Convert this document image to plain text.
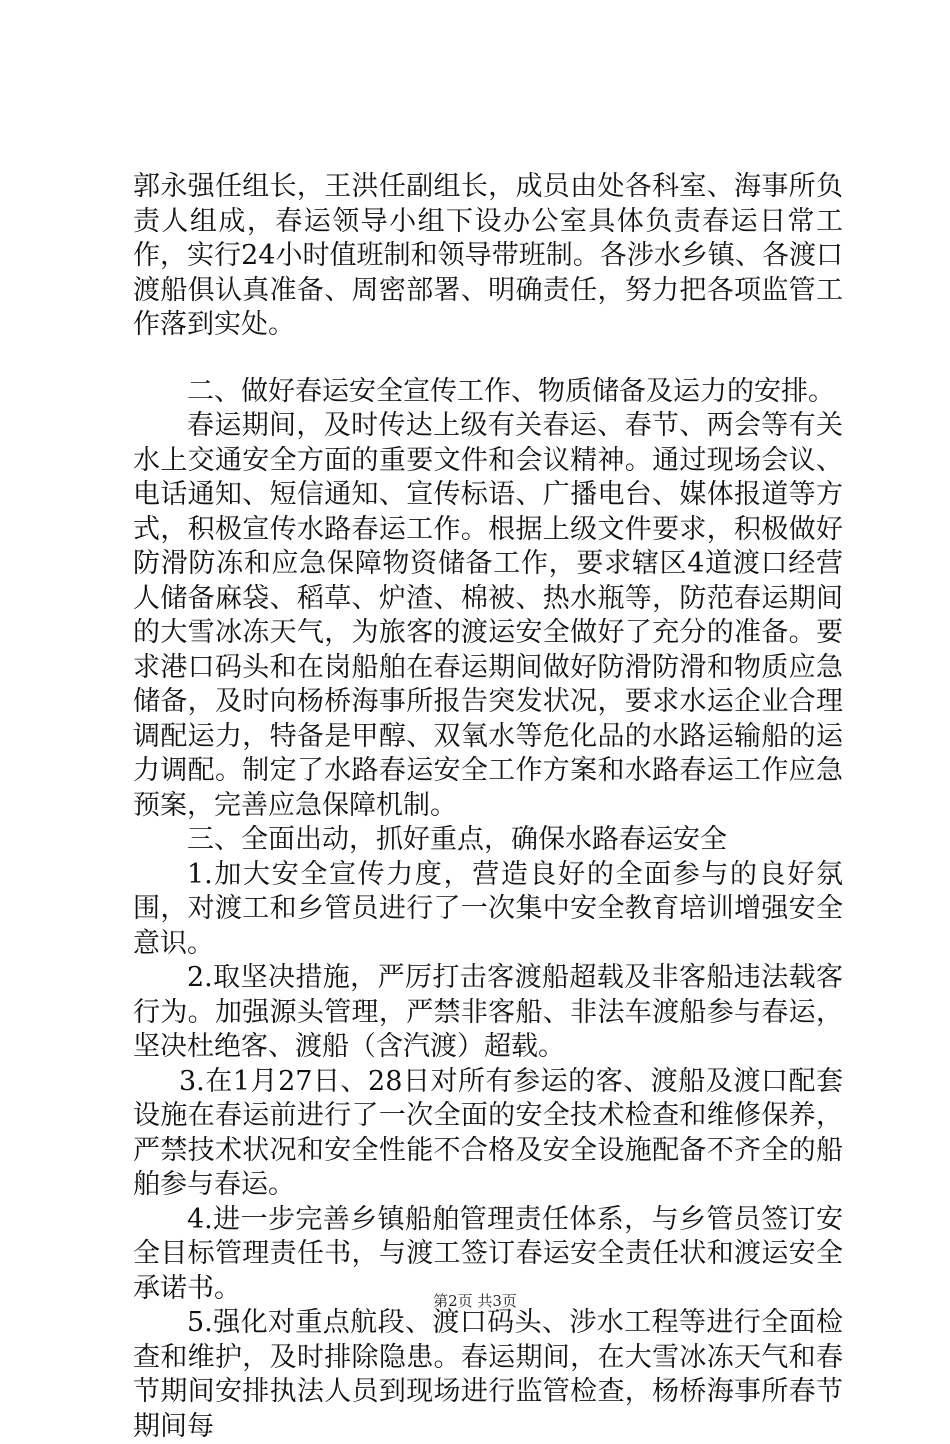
郭永强任组长，王洪任副组长，成员由处各科室、海事所负责人组成，春运领导小组下设办公室具体负责春运日常工作，实行24小时值班制和领导带班制。各涉水乡镇、各渡口渡船俱认真准备、周密部署、明确责任，努力把各项监管工作落到实处。

二、做好春运安全宣传工作、物质储备及运力的安排。

春运期间，及时传达上级有关春运、春节、两会等有关水上交通安全方面的重要文件和会议精神。通过现场会议、电话通知、短信通知、宣传标语、广播电台、媒体报道等方式，积极宣传水路春运工作。根据上级文件要求，积极做好防滑防冻和应急保障物资储备工作，要求辖区4道渡口经营人储备麻袋、稻草、炉渣、棉被、热水瓶等，防范春运期间的大雪冰冻天气，为旅客的渡运安全做好了充分的准备。要求港口码头和在岗船舶在春运期间做好防滑防滑和物质应急储备，及时向杨桥海事所报告突发状况，要求水运企业合理调配运力，特备是甲醇、双氧水等危化品的水路运输船的运力调配。制定了水路春运安全工作方案和水路春运工作应急预案，完善应急保障机制。

三、全面出动，抓好重点，确保水路春运安全

1.加大安全宣传力度，营造良好的全面参与的良好氛围，对渡工和乡管员进行了一次集中安全教育培训增强安全意识。

2.取坚决措施，严厉打击客渡船超载及非客船违法载客行为。加强源头管理，严禁非客船、非法车渡船参与春运，坚决杜绝客、渡船（含汽渡）超载。

3.在1月27日、28日对所有参运的客、渡船及渡口配套设施在春运前进行了一次全面的安全技术检查和维修保养，严禁技术状况和安全性能不合格及安全设施配备不齐全的船舶参与春运。

4.进一步完善乡镇船舶管理责任体系，与乡管员签订安全目标管理责任书，与渡工签订春运安全责任状和渡运安全承诺书。

5.强化对重点航段、渡口码头、涉水工程等进行全面检查和维护，及时排除隐患。春运期间，在大雪冰冻天气和春节期间安排执法人员到现场进行监管检查，杨桥海事所春节期间每

第2页 共3页
